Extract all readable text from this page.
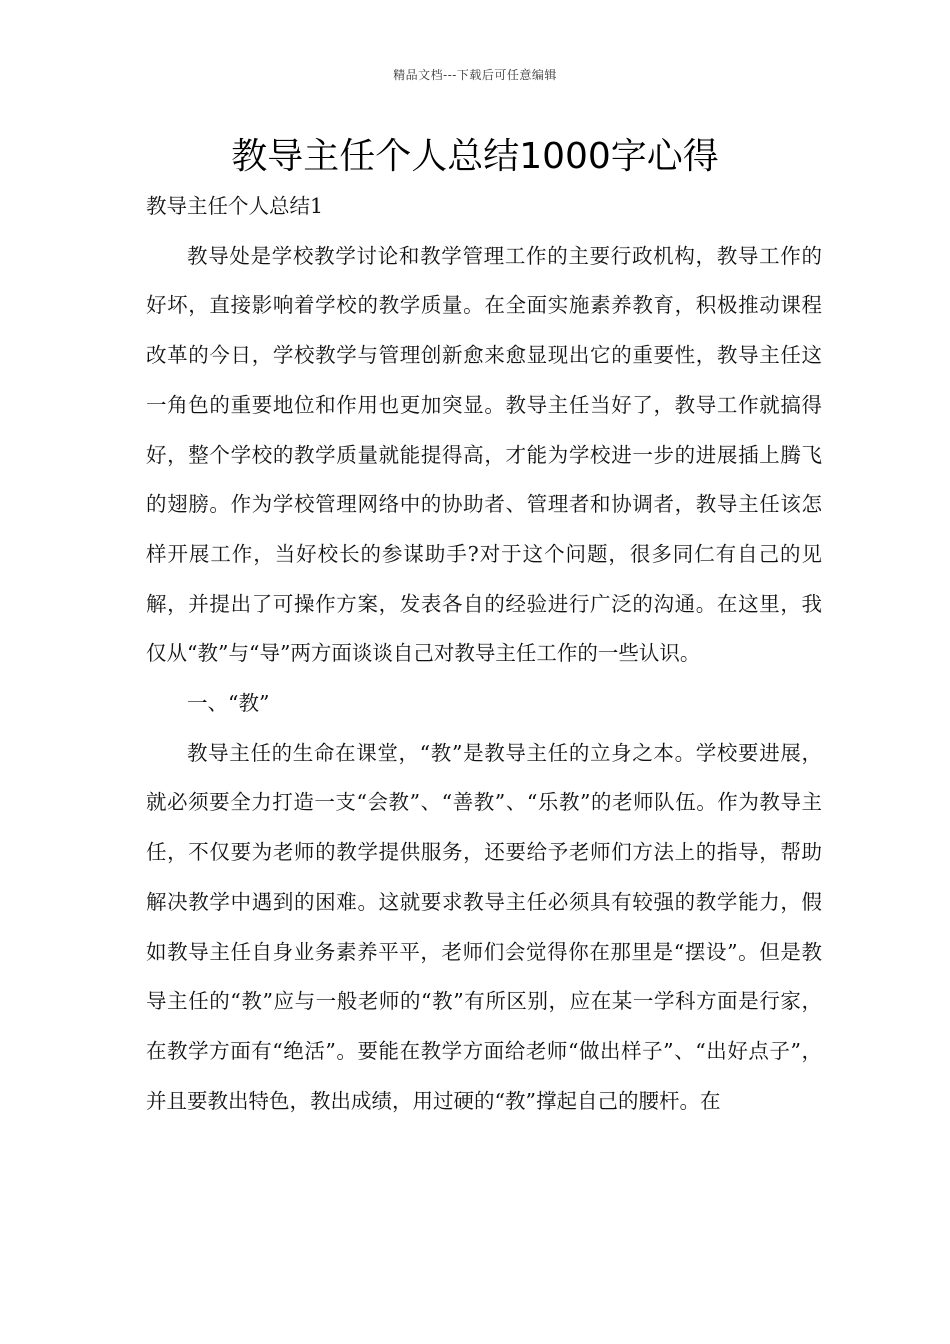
精品文档---下载后可任意编辑
教导主任个人总结1000字心得

教导主任个人总结1

教导处是学校教学讨论和教学管理工作的主要行政机构，教导工作的好坏，直接影响着学校的教学质量。在全面实施素养教育，积极推动课程改革的今日，学校教学与管理创新愈来愈显现出它的重要性，教导主任这一角色的重要地位和作用也更加突显。教导主任当好了，教导工作就搞得好，整个学校的教学质量就能提得高，才能为学校进一步的进展插上腾飞的翅膀。作为学校管理网络中的协助者、管理者和协调者，教导主任该怎样开展工作，当好校长的参谋助手?对于这个问题，很多同仁有自己的见解，并提出了可操作方案，发表各自的经验进行广泛的沟通。在这里，我仅从“教”与“导”两方面谈谈自己对教导主任工作的一些认识。

一、“教”

教导主任的生命在课堂，“教”是教导主任的立身之本。学校要进展，就必须要全力打造一支“会教”、“善教”、“乐教”的老师队伍。作为教导主任，不仅要为老师的教学提供服务，还要给予老师们方法上的指导，帮助解决教学中遇到的困难。这就要求教导主任必须具有较强的教学能力，假如教导主任自身业务素养平平，老师们会觉得你在那里是“摆设”。但是教导主任的“教”应与一般老师的“教”有所区别，应在某一学科方面是行家，在教学方面有“绝活”。要能在教学方面给老师“做出样子”、“出好点子”，并且要教出特色，教出成绩，用过硬的“教”撑起自己的腰杆。在
